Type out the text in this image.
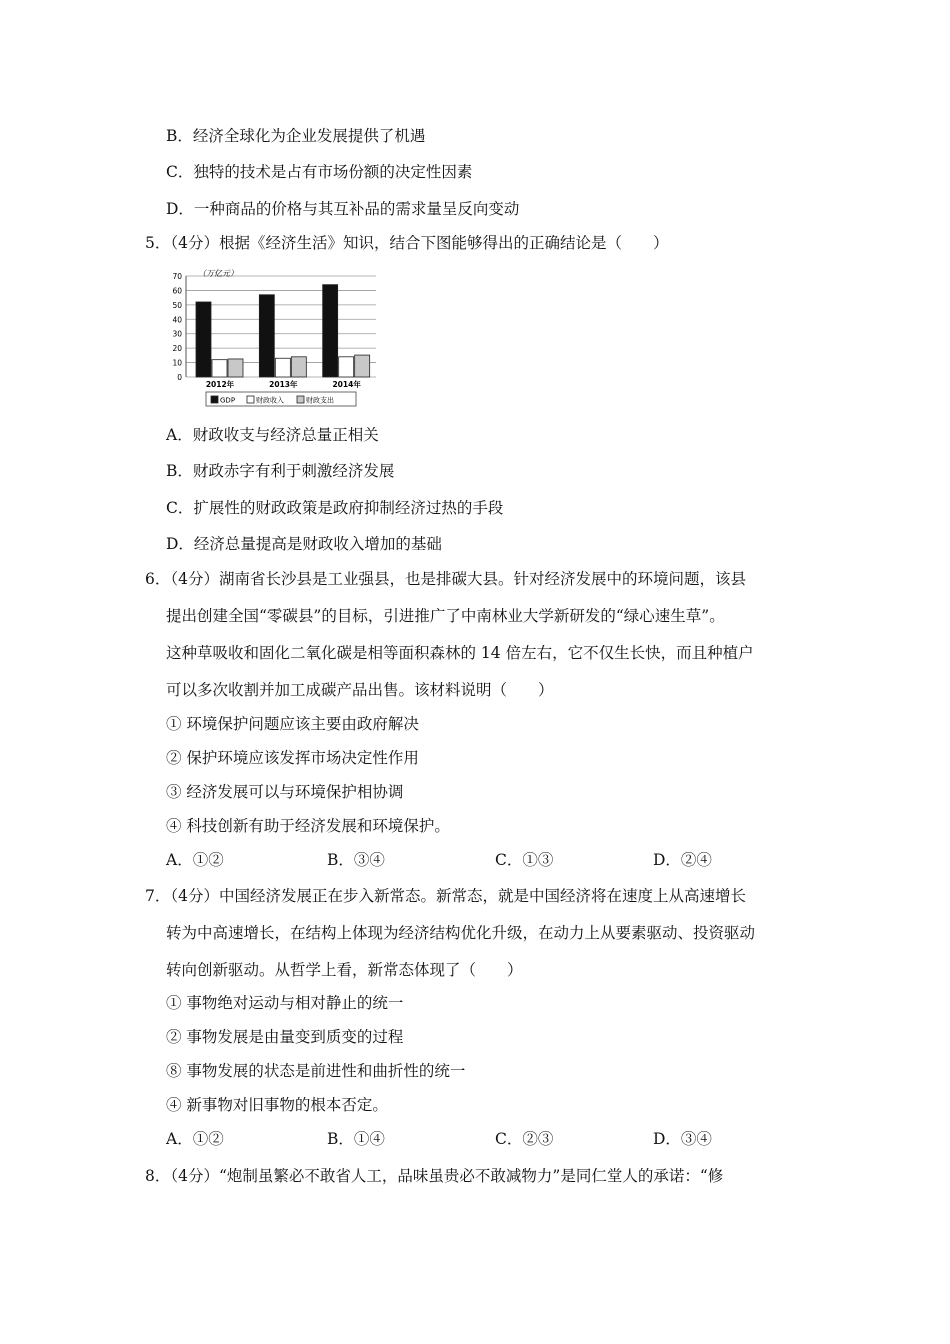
B．经济全球化为企业发展提供了机遇
C．独特的技术是占有市场份额的决定性因素
D．一种商品的价格与其互补品的需求量呈反向变动
5．（4分）根据《经济生活》知识，结合下图能够得出的正确结论是（　　）
0
10
20
30
40
50
60
70
2012年	2013年	2014年
（万亿元）
GDP	财政收入	财政支出
A．财政收支与经济总量正相关
B．财政赤字有利于刺激经济发展
C．扩展性的财政政策是政府抑制经济过热的手段
D．经济总量提高是财政收入增加的基础
6．（4分）湖南省长沙县是工业强县，也是排碳大县。针对经济发展中的环境问题，该县
提出创建全国“零碳县”的目标，引进推广了中南林业大学新研发的“绿心速生草”。
这种草吸收和固化二氧化碳是相等面积森林的 14 倍左右，它不仅生长快，而且种植户
可以多次收割并加工成碳产品出售。该材料说明（　　）
① 环境保护问题应该主要由政府解决
② 保护环境应该发挥市场决定性作用
③ 经济发展可以与环境保护相协调
④ 科技创新有助于经济发展和环境保护。
A．①②	B．③④	C．①③	D．②④
7．（4分）中国经济发展正在步入新常态。新常态，就是中国经济将在速度上从高速增长
转为中高速增长，在结构上体现为经济结构优化升级，在动力上从要素驱动、投资驱动
转向创新驱动。从哲学上看，新常态体现了（　　）
① 事物绝对运动与相对静止的统一
② 事物发展是由量变到质变的过程
⑧ 事物发展的状态是前进性和曲折性的统一
④ 新事物对旧事物的根本否定。
A．①②	B．①④	C．②③	D．③④
8．（4分）“炮制虽繁必不敢省人工，品味虽贵必不敢减物力”是同仁堂人的承诺：“修
